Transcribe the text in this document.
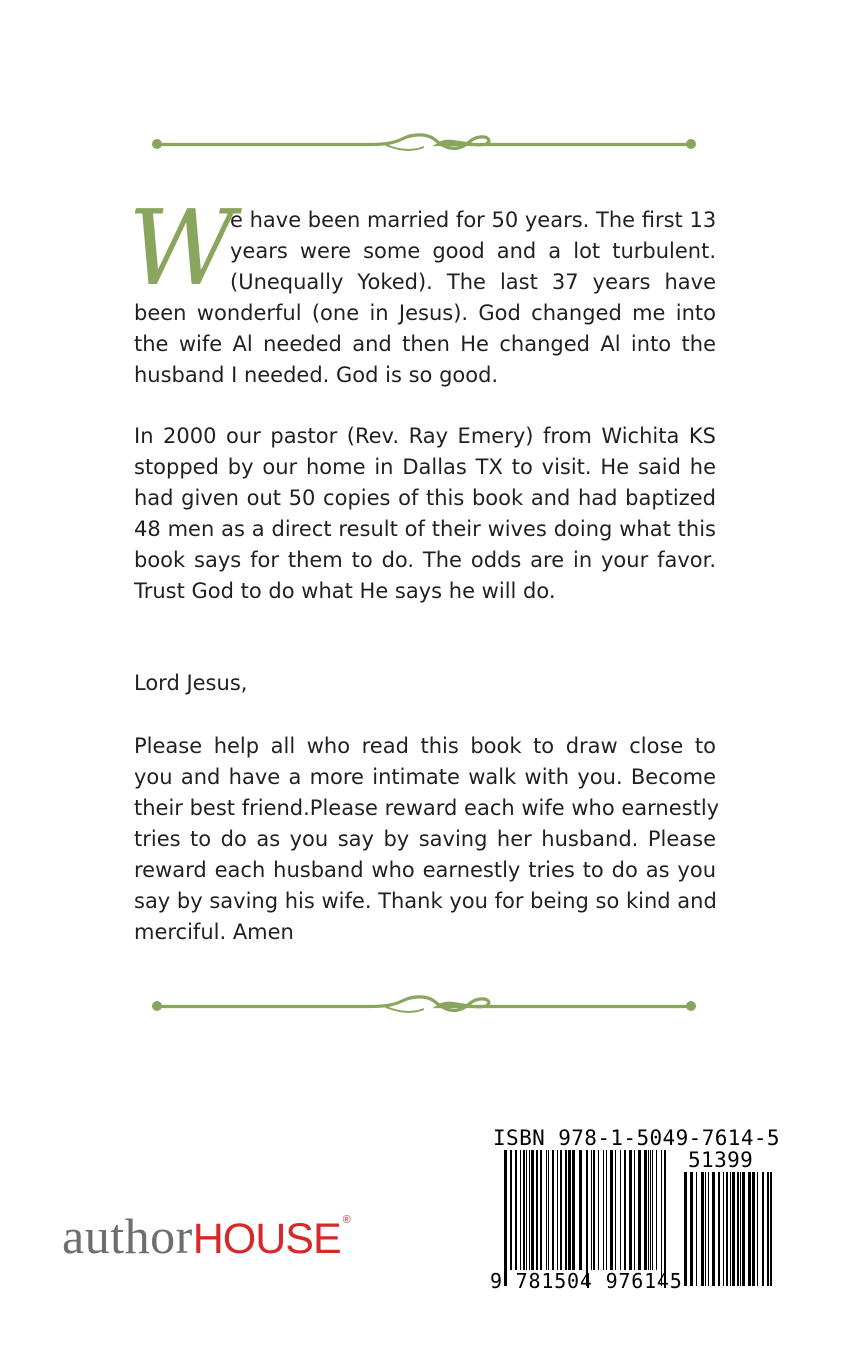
W

e have been married for 50 years. The first 13
years were some good and a lot turbulent.
(Unequally Yoked). The last 37 years have
been wonderful (one in Jesus). God changed me into
the wife Al needed and then He changed Al into the
husband I needed. God is so good.

In 2000 our pastor (Rev. Ray Emery) from Wichita KS
stopped by our home in Dallas TX to visit. He said he
had given out 50 copies of this book and had baptized
48 men as a direct result of their wives doing what this
book says for them to do. The odds are in your favor.
Trust God to do what He says he will do.

Lord Jesus,

Please help all who read this book to draw close to
you and have a more intimate walk with you. Become
their best friend.Please reward each wife who earnestly
tries to do as you say by saving her husband. Please
reward each husband who earnestly tries to do as you
say by saving his wife. Thank you for being so kind and
merciful. Amen

authorHOUSE ®
ISBN 978-1-5049-7614-5
51399
9 781504 976145
